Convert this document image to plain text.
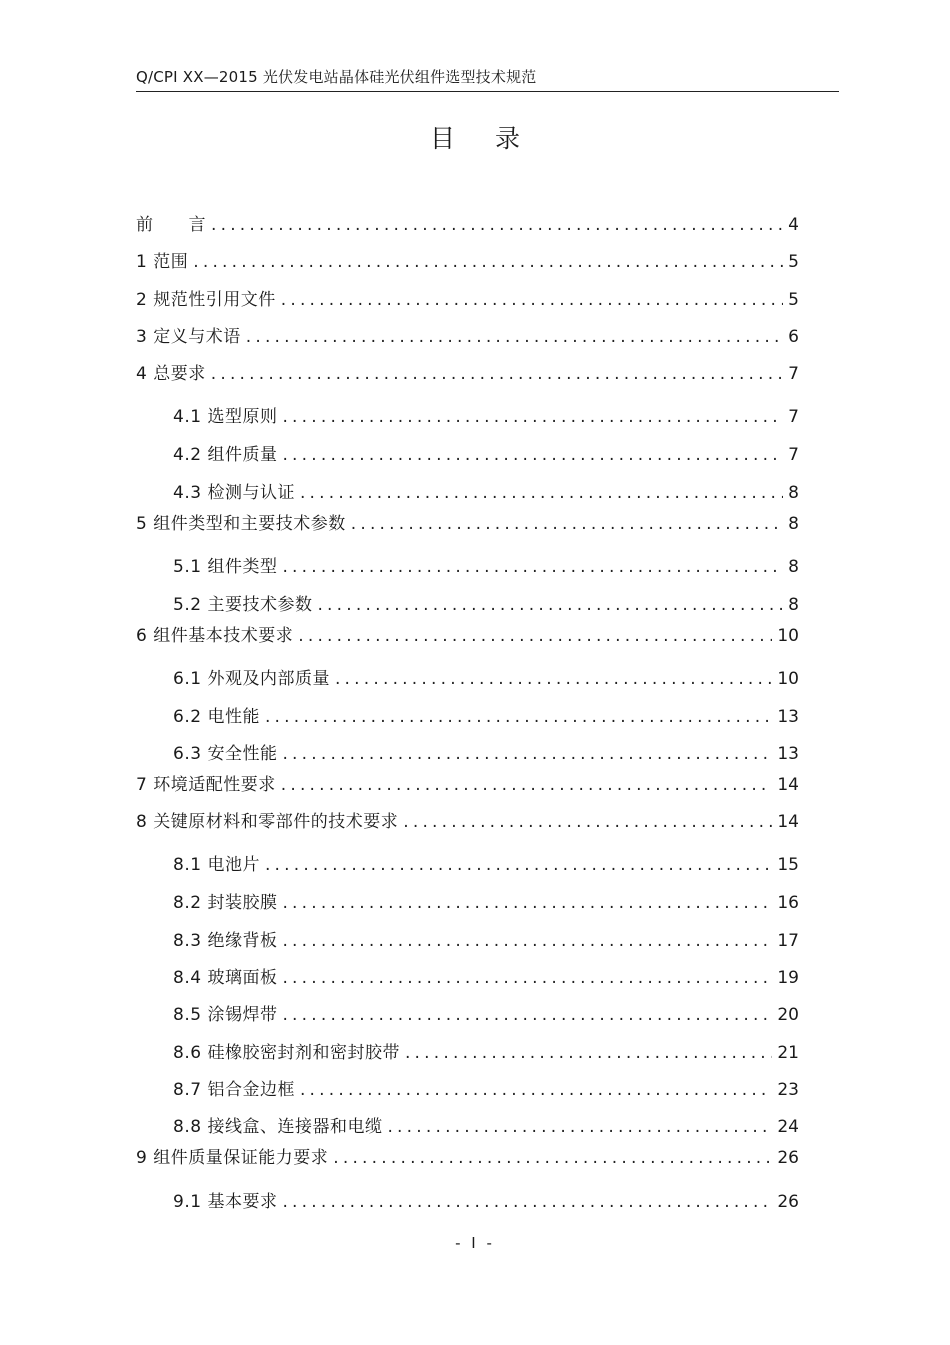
Q/CPI XX—2015 光伏发电站晶体硅光伏组件选型技术规范
目录
前　　言 .....	4
1 范围 .....	5
2 规范性引用文件 .....	5
3 定义与术语 .....	6
4 总要求 .....	7
4.1 选型原则 .....	7
4.2 组件质量 .....	7
4.3 检测与认证 .....	8
5 组件类型和主要技术参数 .....	8
5.1 组件类型 .....	8
5.2 主要技术参数 .....	8
6 组件基本技术要求 .....	10
6.1 外观及内部质量 .....	10
6.2 电性能 .....	13
6.3 安全性能 .....	13
7 环境适配性要求 .....	14
8 关键原材料和零部件的技术要求 .....	14
8.1 电池片 .....	15
8.2 封装胶膜 .....	16
8.3 绝缘背板 .....	17
8.4 玻璃面板 .....	19
8.5 涂锡焊带 .....	20
8.6 硅橡胶密封剂和密封胶带 .....	21
8.7 铝合金边框 .....	23
8.8 接线盒、连接器和电缆 .....	24
9 组件质量保证能力要求 .....	26
9.1 基本要求 .....	26
- I -
